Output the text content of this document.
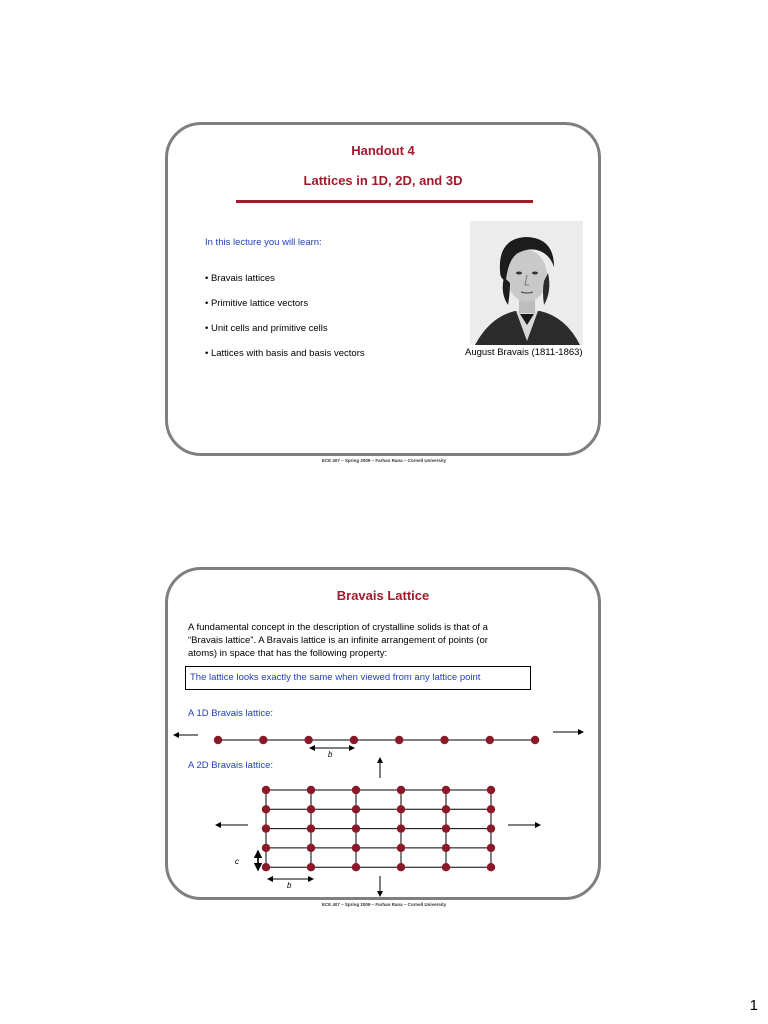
Handout 4
Lattices in 1D, 2D, and 3D
In this lecture you will learn:
• Bravais lattices
• Primitive lattice vectors
• Unit cells and primitive cells
• Lattices with basis and basis vectors	August Bravais (1811-1863)
ECE 407 – Spring 2009 – Farhan Rana – Cornell University
Bravais Lattice
A fundamental concept in the description of crystalline solids is that of a
“Bravais lattice”. A Bravais lattice is an infinite arrangement of points (or
atoms) in space that has the following property:
The lattice looks exactly the same when viewed from any lattice point
A 1D Bravais lattice:
A 2D Bravais lattice:
b
c
b
ECE 407 – Spring 2009 – Farhan Rana – Cornell University
1
